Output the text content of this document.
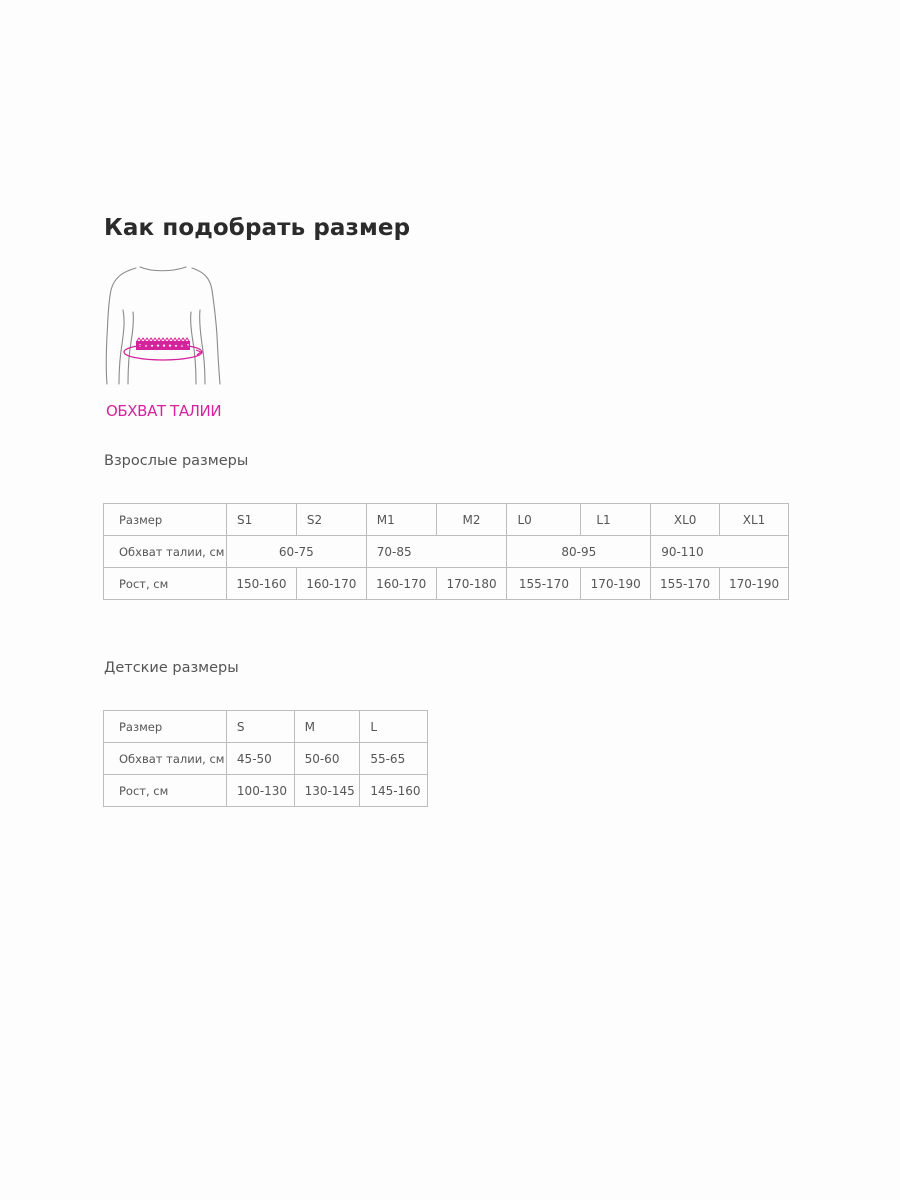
Как подобрать размер
ОБХВАТ ТАЛИИ
Взрослые размеры
Размер	S1	S2	M1	M2	L0	L1	XL0	XL1
Обхват талии, см	60-75		70-85		80-95		90-110	
Рост, см	150-160	160-170	160-170	170-180	155-170	170-190	155-170	170-190
Детские размеры
Размер	S	M	L
Обхват талии, см	45-50	50-60	55-65
Рост, см	100-130	130-145	145-160
